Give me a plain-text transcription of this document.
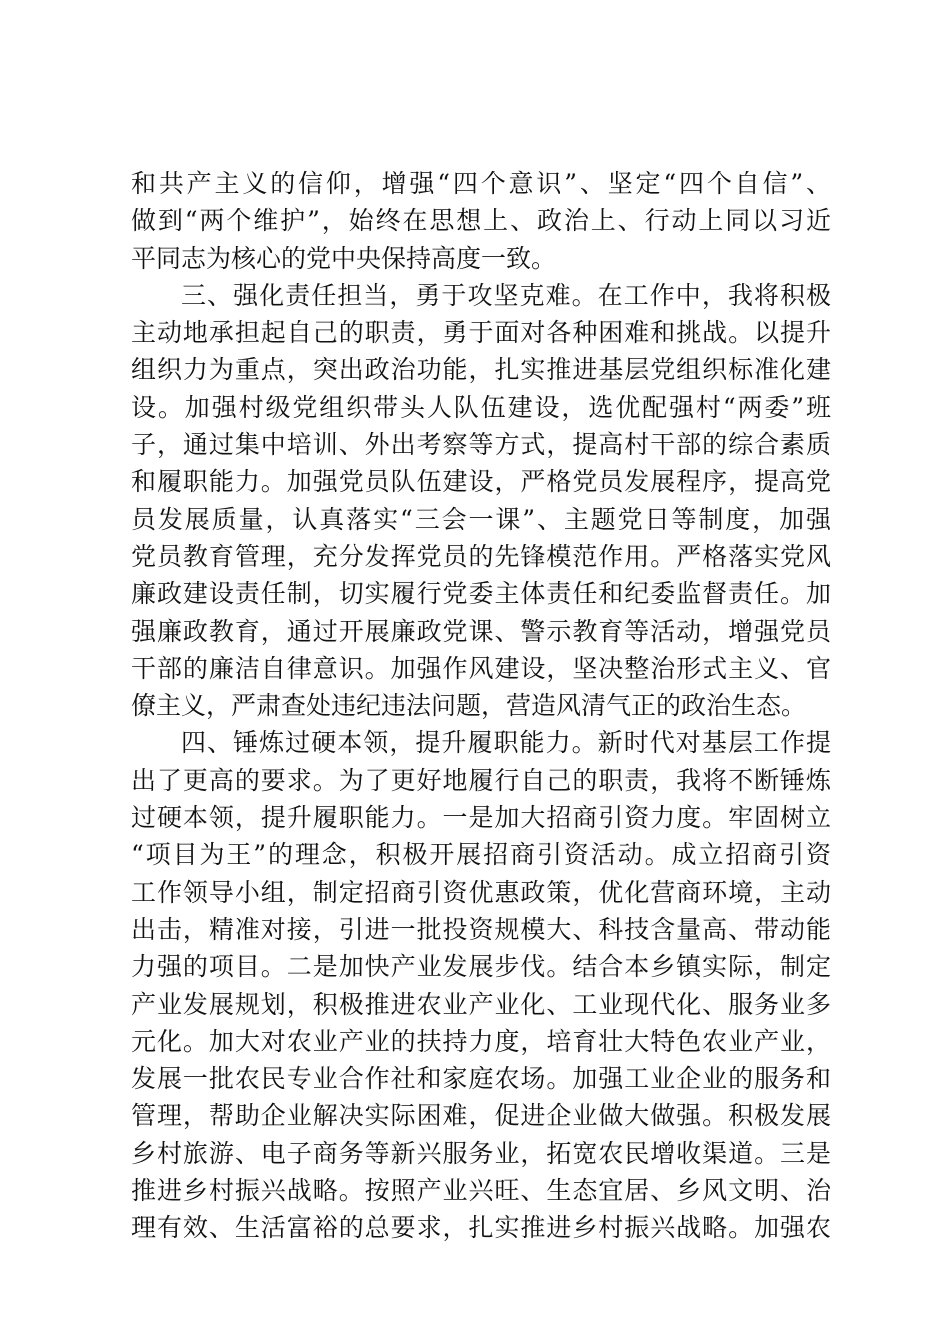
和共产主义的信仰，增强“四个意识”、坚定“四个自信”、
做到“两个维护”，始终在思想上、政治上、行动上同以习近
平同志为核心的党中央保持高度一致。
三、强化责任担当，勇于攻坚克难。在工作中，我将积极
主动地承担起自己的职责，勇于面对各种困难和挑战。以提升
组织力为重点，突出政治功能，扎实推进基层党组织标准化建
设。加强村级党组织带头人队伍建设，选优配强村“两委”班
子，通过集中培训、外出考察等方式，提高村干部的综合素质
和履职能力。加强党员队伍建设，严格党员发展程序，提高党
员发展质量，认真落实“三会一课”、主题党日等制度，加强
党员教育管理，充分发挥党员的先锋模范作用。严格落实党风
廉政建设责任制，切实履行党委主体责任和纪委监督责任。加
强廉政教育，通过开展廉政党课、警示教育等活动，增强党员
干部的廉洁自律意识。加强作风建设，坚决整治形式主义、官
僚主义，严肃查处违纪违法问题，营造风清气正的政治生态。
四、锤炼过硬本领，提升履职能力。新时代对基层工作提
出了更高的要求。为了更好地履行自己的职责，我将不断锤炼
过硬本领，提升履职能力。一是加大招商引资力度。牢固树立
“项目为王”的理念，积极开展招商引资活动。成立招商引资
工作领导小组，制定招商引资优惠政策，优化营商环境，主动
出击，精准对接，引进一批投资规模大、科技含量高、带动能
力强的项目。二是加快产业发展步伐。结合本乡镇实际，制定
产业发展规划，积极推进农业产业化、工业现代化、服务业多
元化。加大对农业产业的扶持力度，培育壮大特色农业产业，
发展一批农民专业合作社和家庭农场。加强工业企业的服务和
管理，帮助企业解决实际困难，促进企业做大做强。积极发展
乡村旅游、电子商务等新兴服务业，拓宽农民增收渠道。三是
推进乡村振兴战略。按照产业兴旺、生态宜居、乡风文明、治
理有效、生活富裕的总要求，扎实推进乡村振兴战略。加强农
